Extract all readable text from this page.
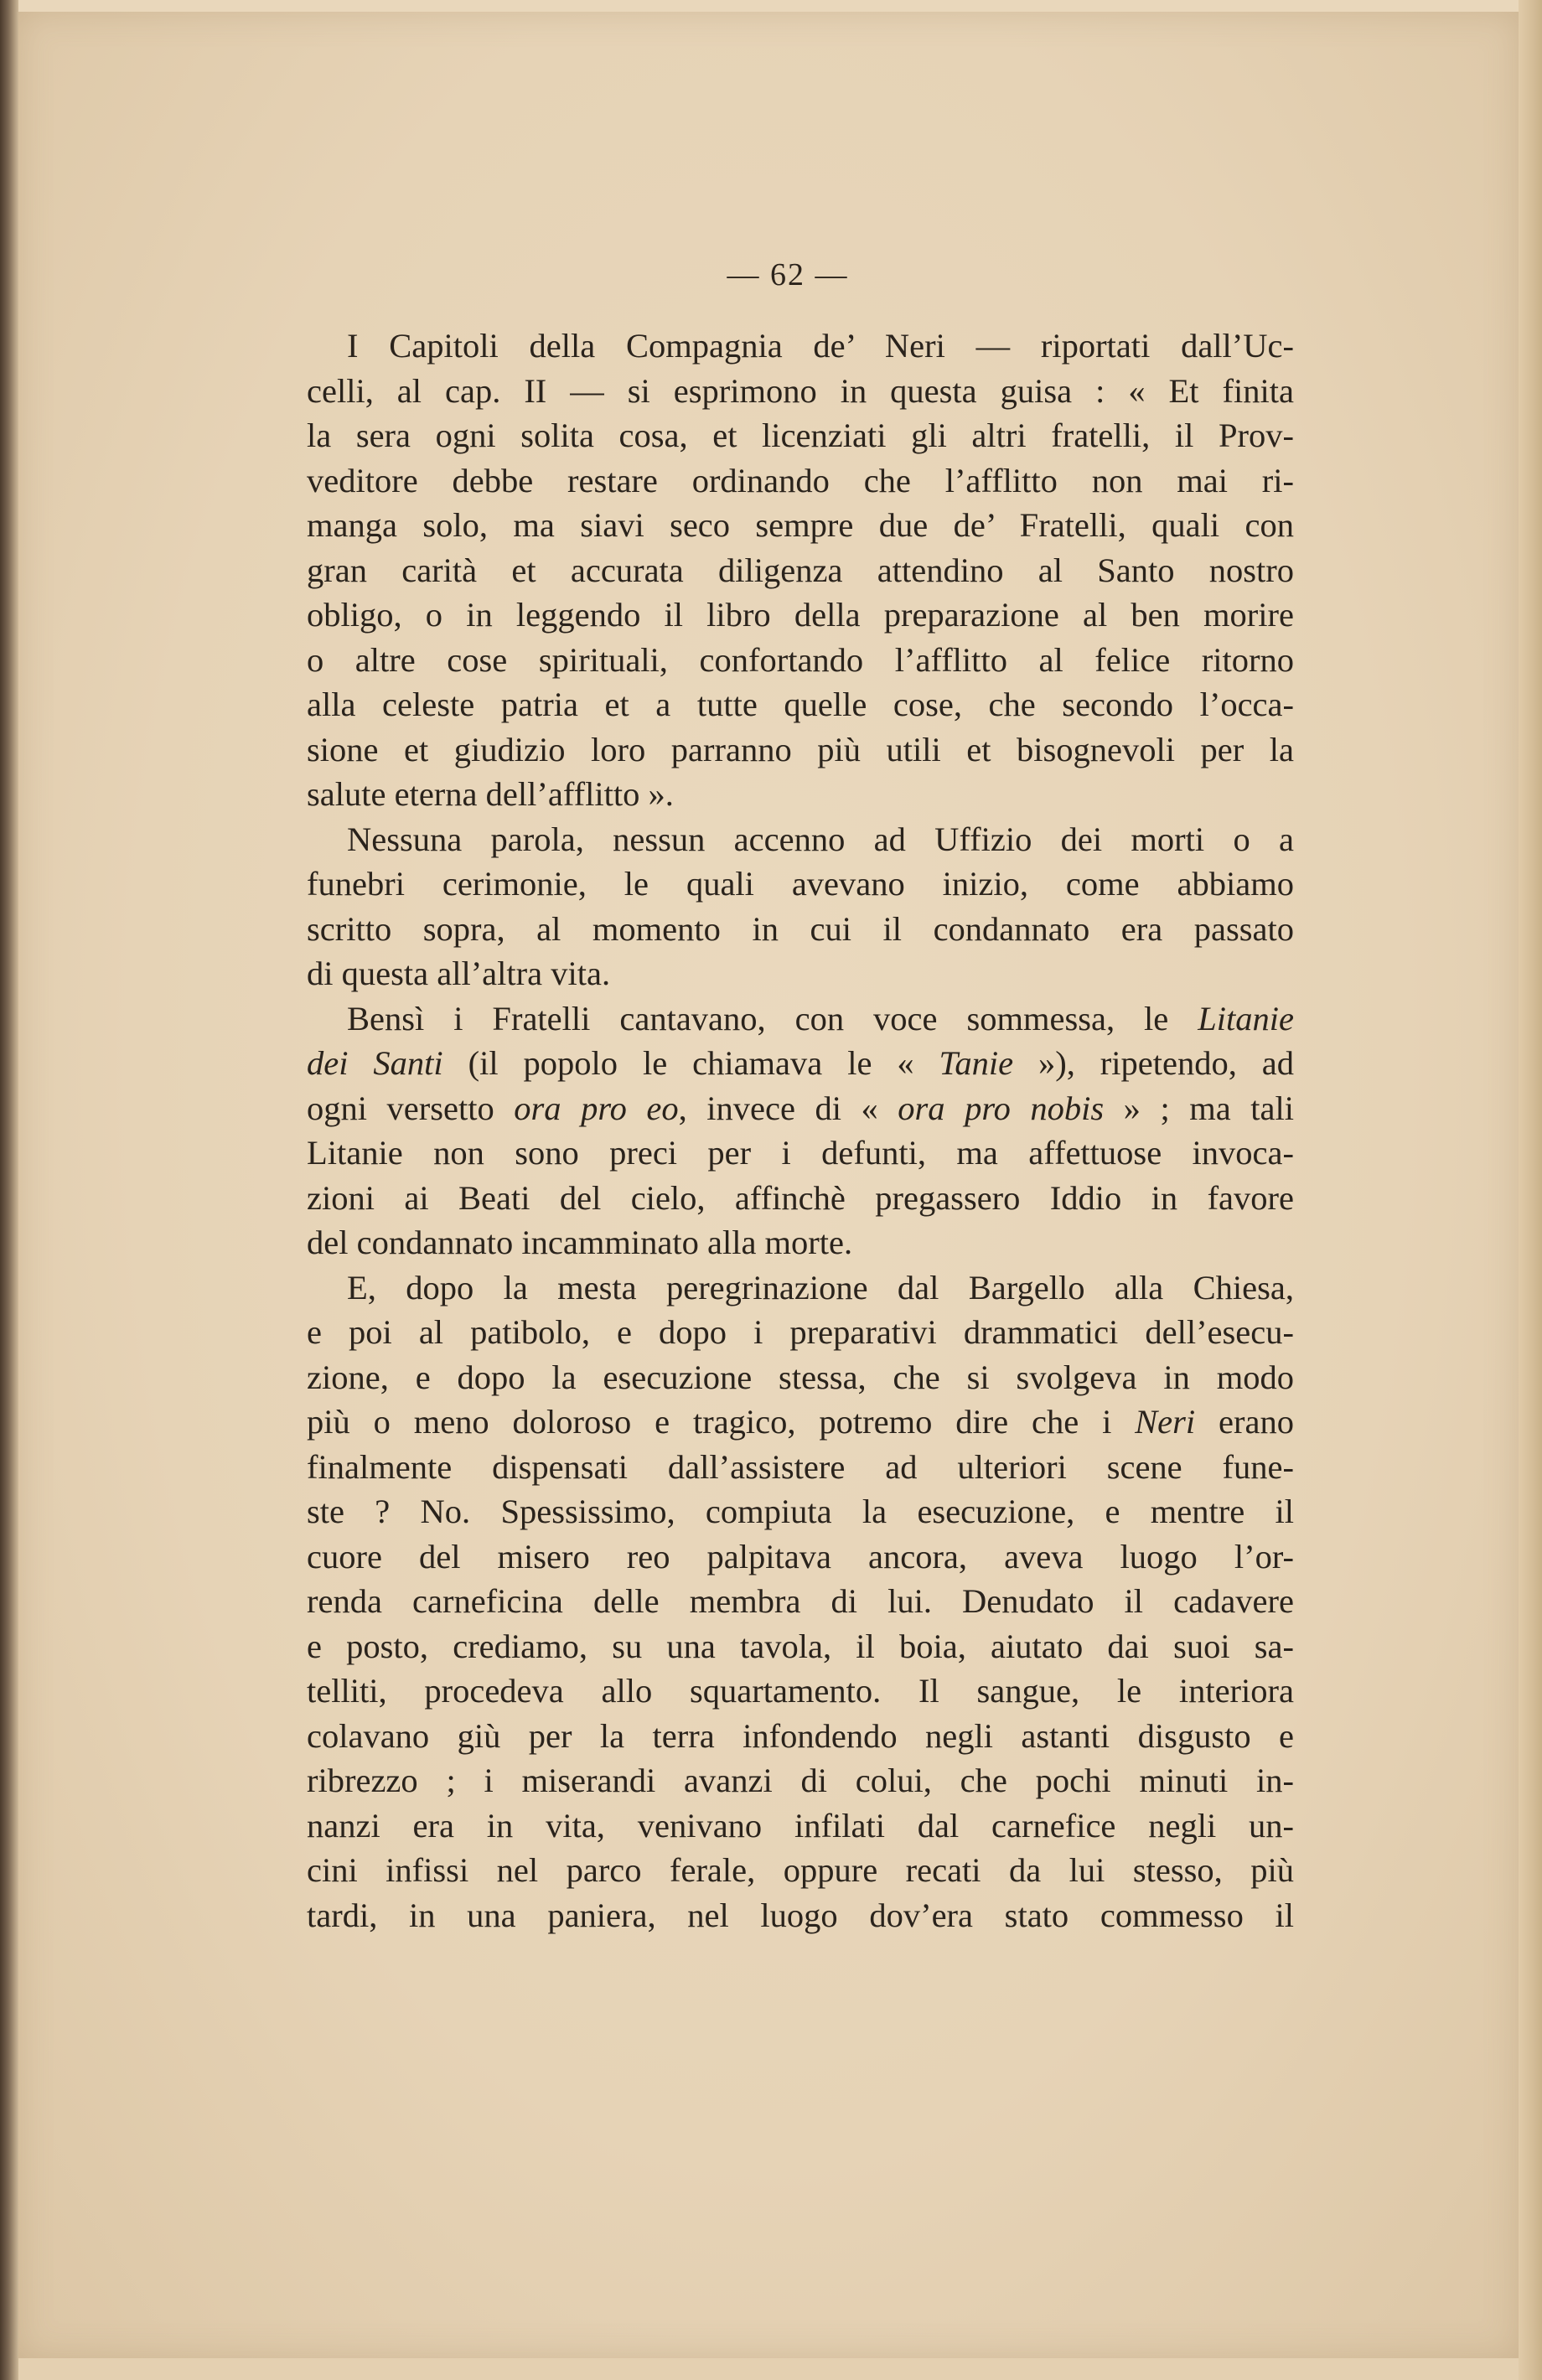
— 62 —

I Capitoli della Compagnia de’ Neri — riportati dall’Uc-

celli, al cap. II — si esprimono in questa guisa : « Et finita

la sera ogni solita cosa, et licenziati gli altri fratelli, il Prov-

veditore debbe restare ordinando che l’afflitto non mai ri-

manga solo, ma siavi seco sempre due de’ Fratelli, quali con

gran carità et accurata diligenza attendino al Santo nostro

obligo, o in leggendo il libro della preparazione al ben morire

o altre cose spirituali, confortando l’afflitto al felice ritorno

alla celeste patria et a tutte quelle cose, che secondo l’occa-

sione et giudizio loro parranno più utili et bisognevoli per la

salute eterna dell’afflitto ».

Nessuna parola, nessun accenno ad Uffizio dei morti o a

funebri cerimonie, le quali avevano inizio, come abbiamo

scritto sopra, al momento in cui il condannato era passato

di questa all’altra vita.

Bensì i Fratelli cantavano, con voce sommessa, le Litanie

dei Santi (il popolo le chiamava le « Tanie »), ripetendo, ad

ogni versetto ora pro eo, invece di « ora pro nobis » ; ma tali

Litanie non sono preci per i defunti, ma affettuose invoca-

zioni ai Beati del cielo, affinchè pregassero Iddio in favore

del condannato incamminato alla morte.

E, dopo la mesta peregrinazione dal Bargello alla Chiesa,

e poi al patibolo, e dopo i preparativi drammatici dell’esecu-

zione, e dopo la esecuzione stessa, che si svolgeva in modo

più o meno doloroso e tragico, potremo dire che i Neri erano

finalmente dispensati dall’assistere ad ulteriori scene fune-

ste ? No. Spessissimo, compiuta la esecuzione, e mentre il

cuore del misero reo palpitava ancora, aveva luogo l’or-

renda carneficina delle membra di lui. Denudato il cadavere

e posto, crediamo, su una tavola, il boia, aiutato dai suoi sa-

telliti, procedeva allo squartamento. Il sangue, le interiora

colavano giù per la terra infondendo negli astanti disgusto e

ribrezzo ; i miserandi avanzi di colui, che pochi minuti in-

nanzi era in vita, venivano infilati dal carnefice negli un-

cini infissi nel parco ferale, oppure recati da lui stesso, più

tardi, in una paniera, nel luogo dov’era stato commesso il
